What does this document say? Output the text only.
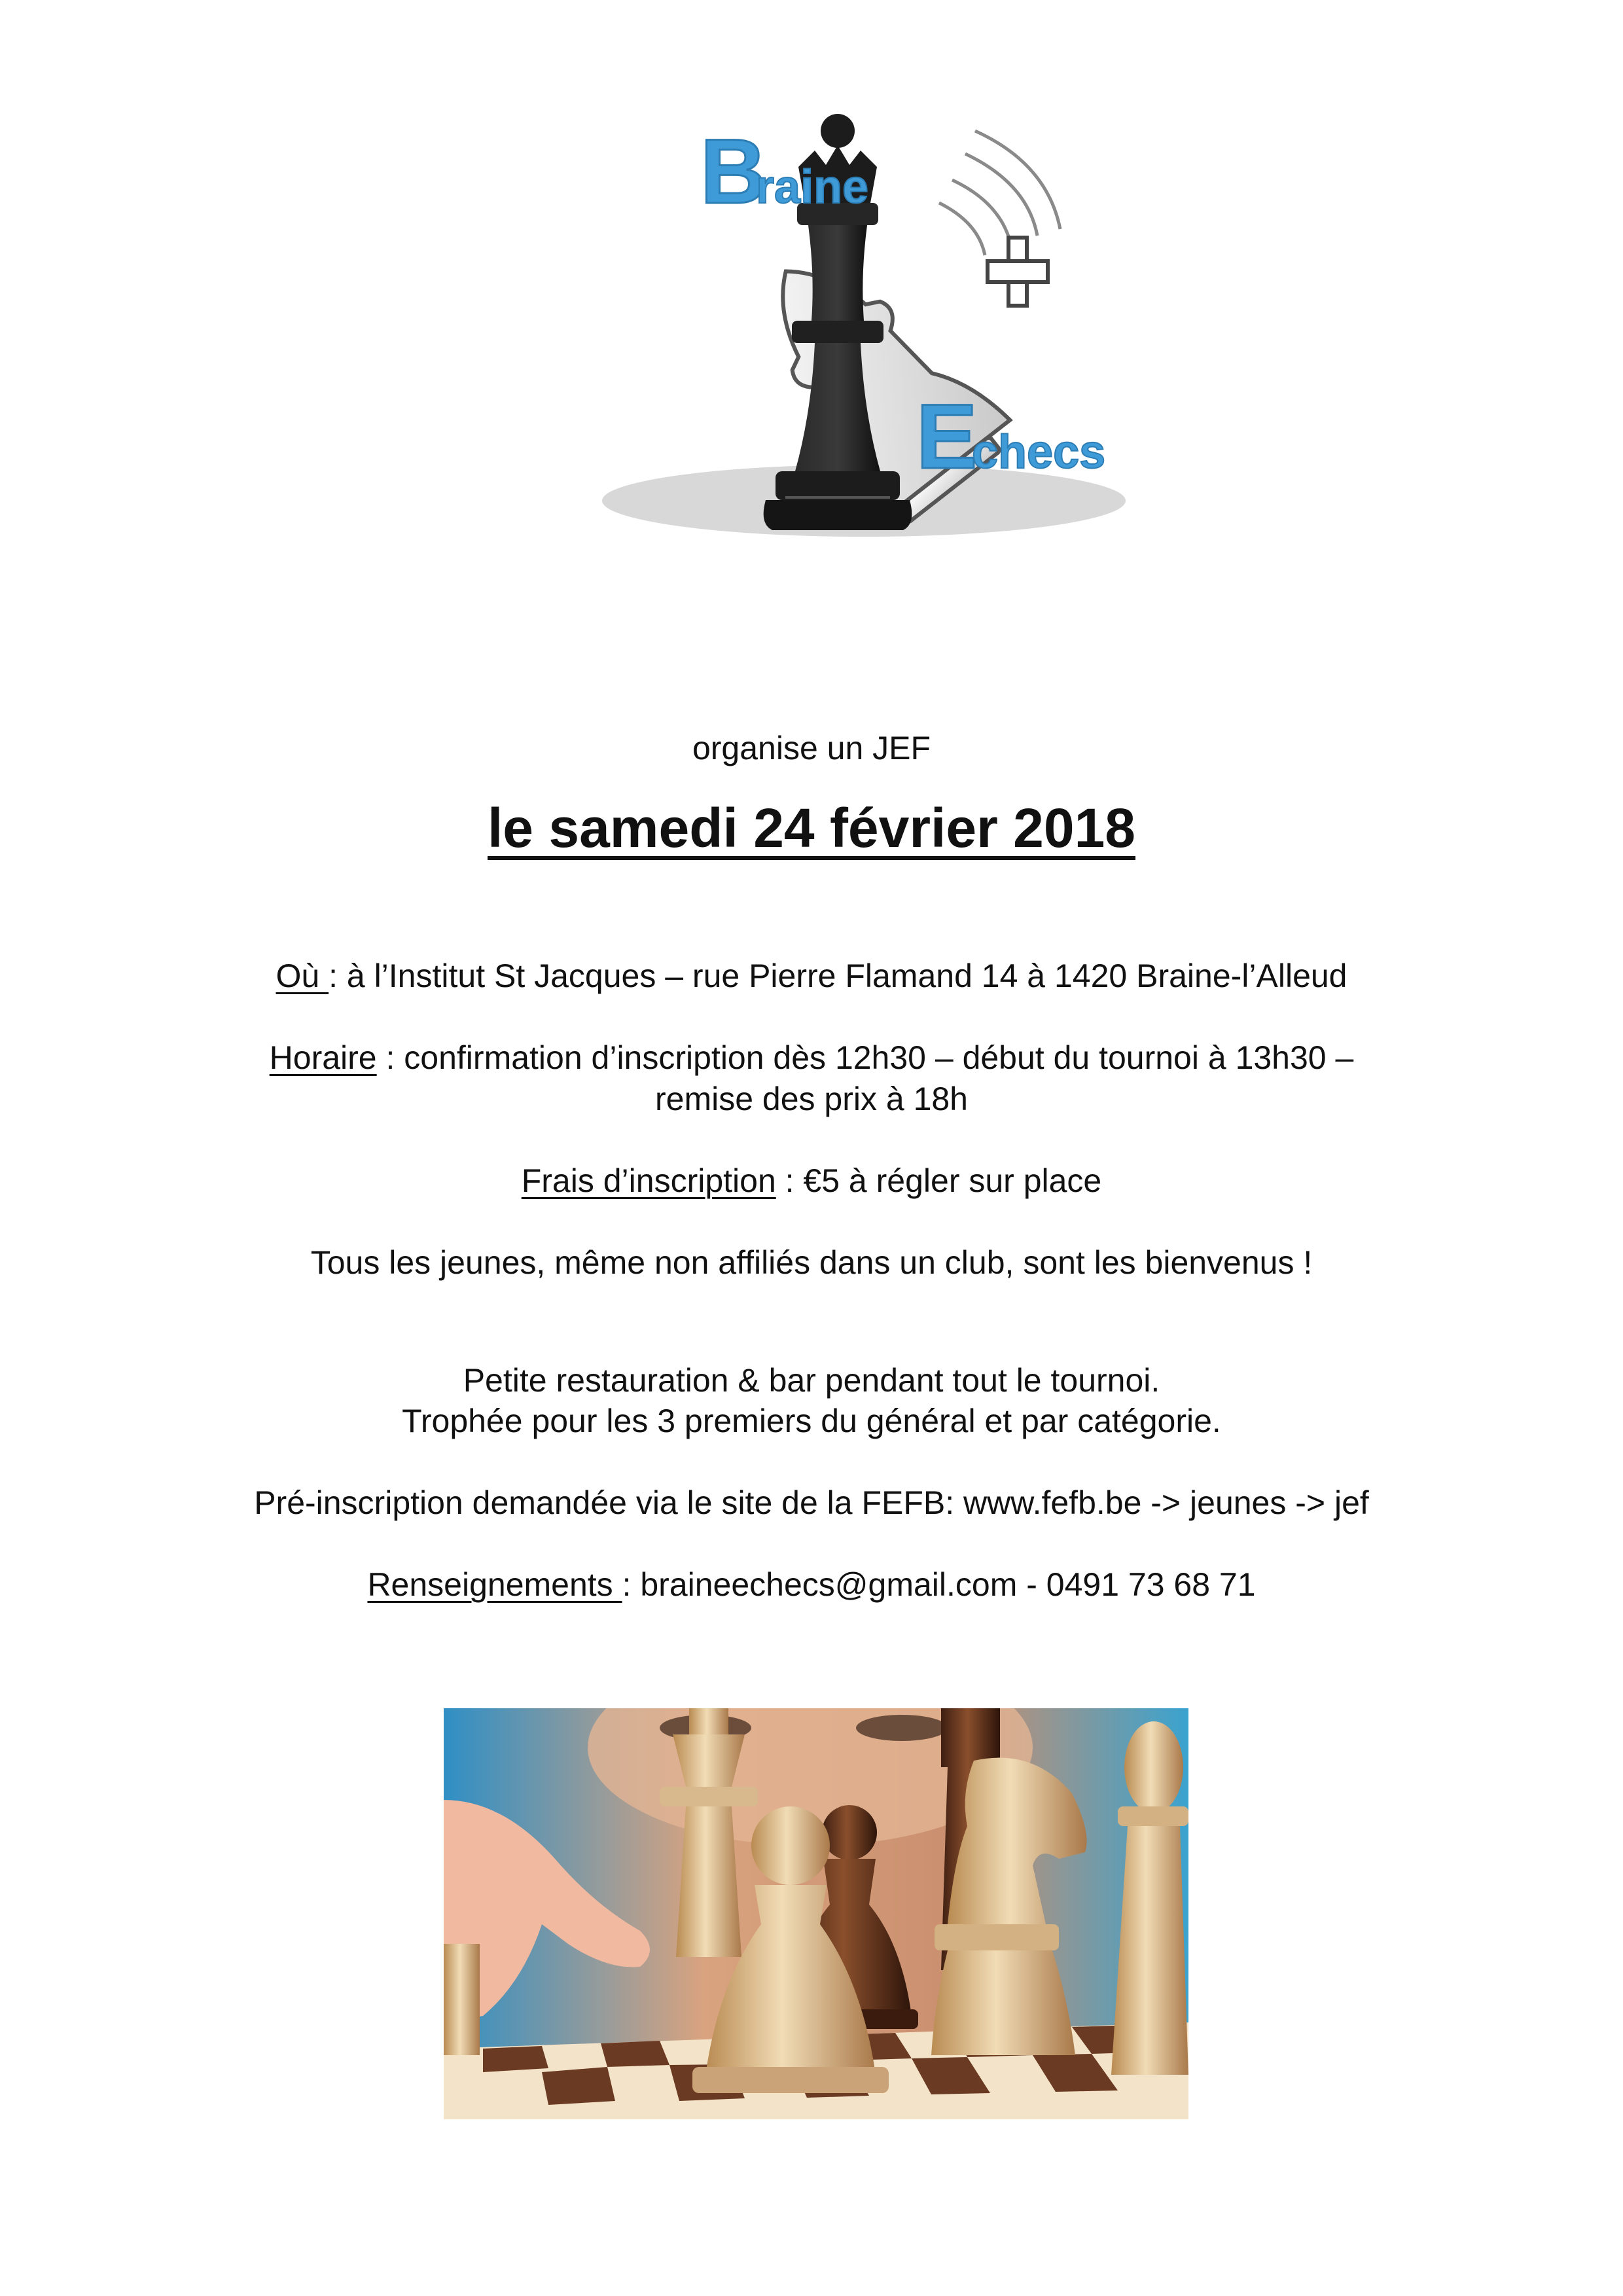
B
raine
E
checs
organise un JEF
le samedi 24 février 2018
Où : à l’Institut St Jacques – rue Pierre Flamand 14 à 1420 Braine-l’Alleud
Horaire : confirmation d’inscription dès 12h30 – début du tournoi à 13h30 –
remise des prix à 18h
Frais d’inscription : €5 à régler sur place
Tous les jeunes, même non affiliés dans un club, sont les bienvenus !
Petite restauration & bar pendant tout le tournoi.
Trophée pour les 3 premiers du général et par catégorie.
Pré-inscription demandée via le site de la FEFB: www.fefb.be -> jeunes -> jef
Renseignements : braineechecs@gmail.com - 0491 73 68 71
